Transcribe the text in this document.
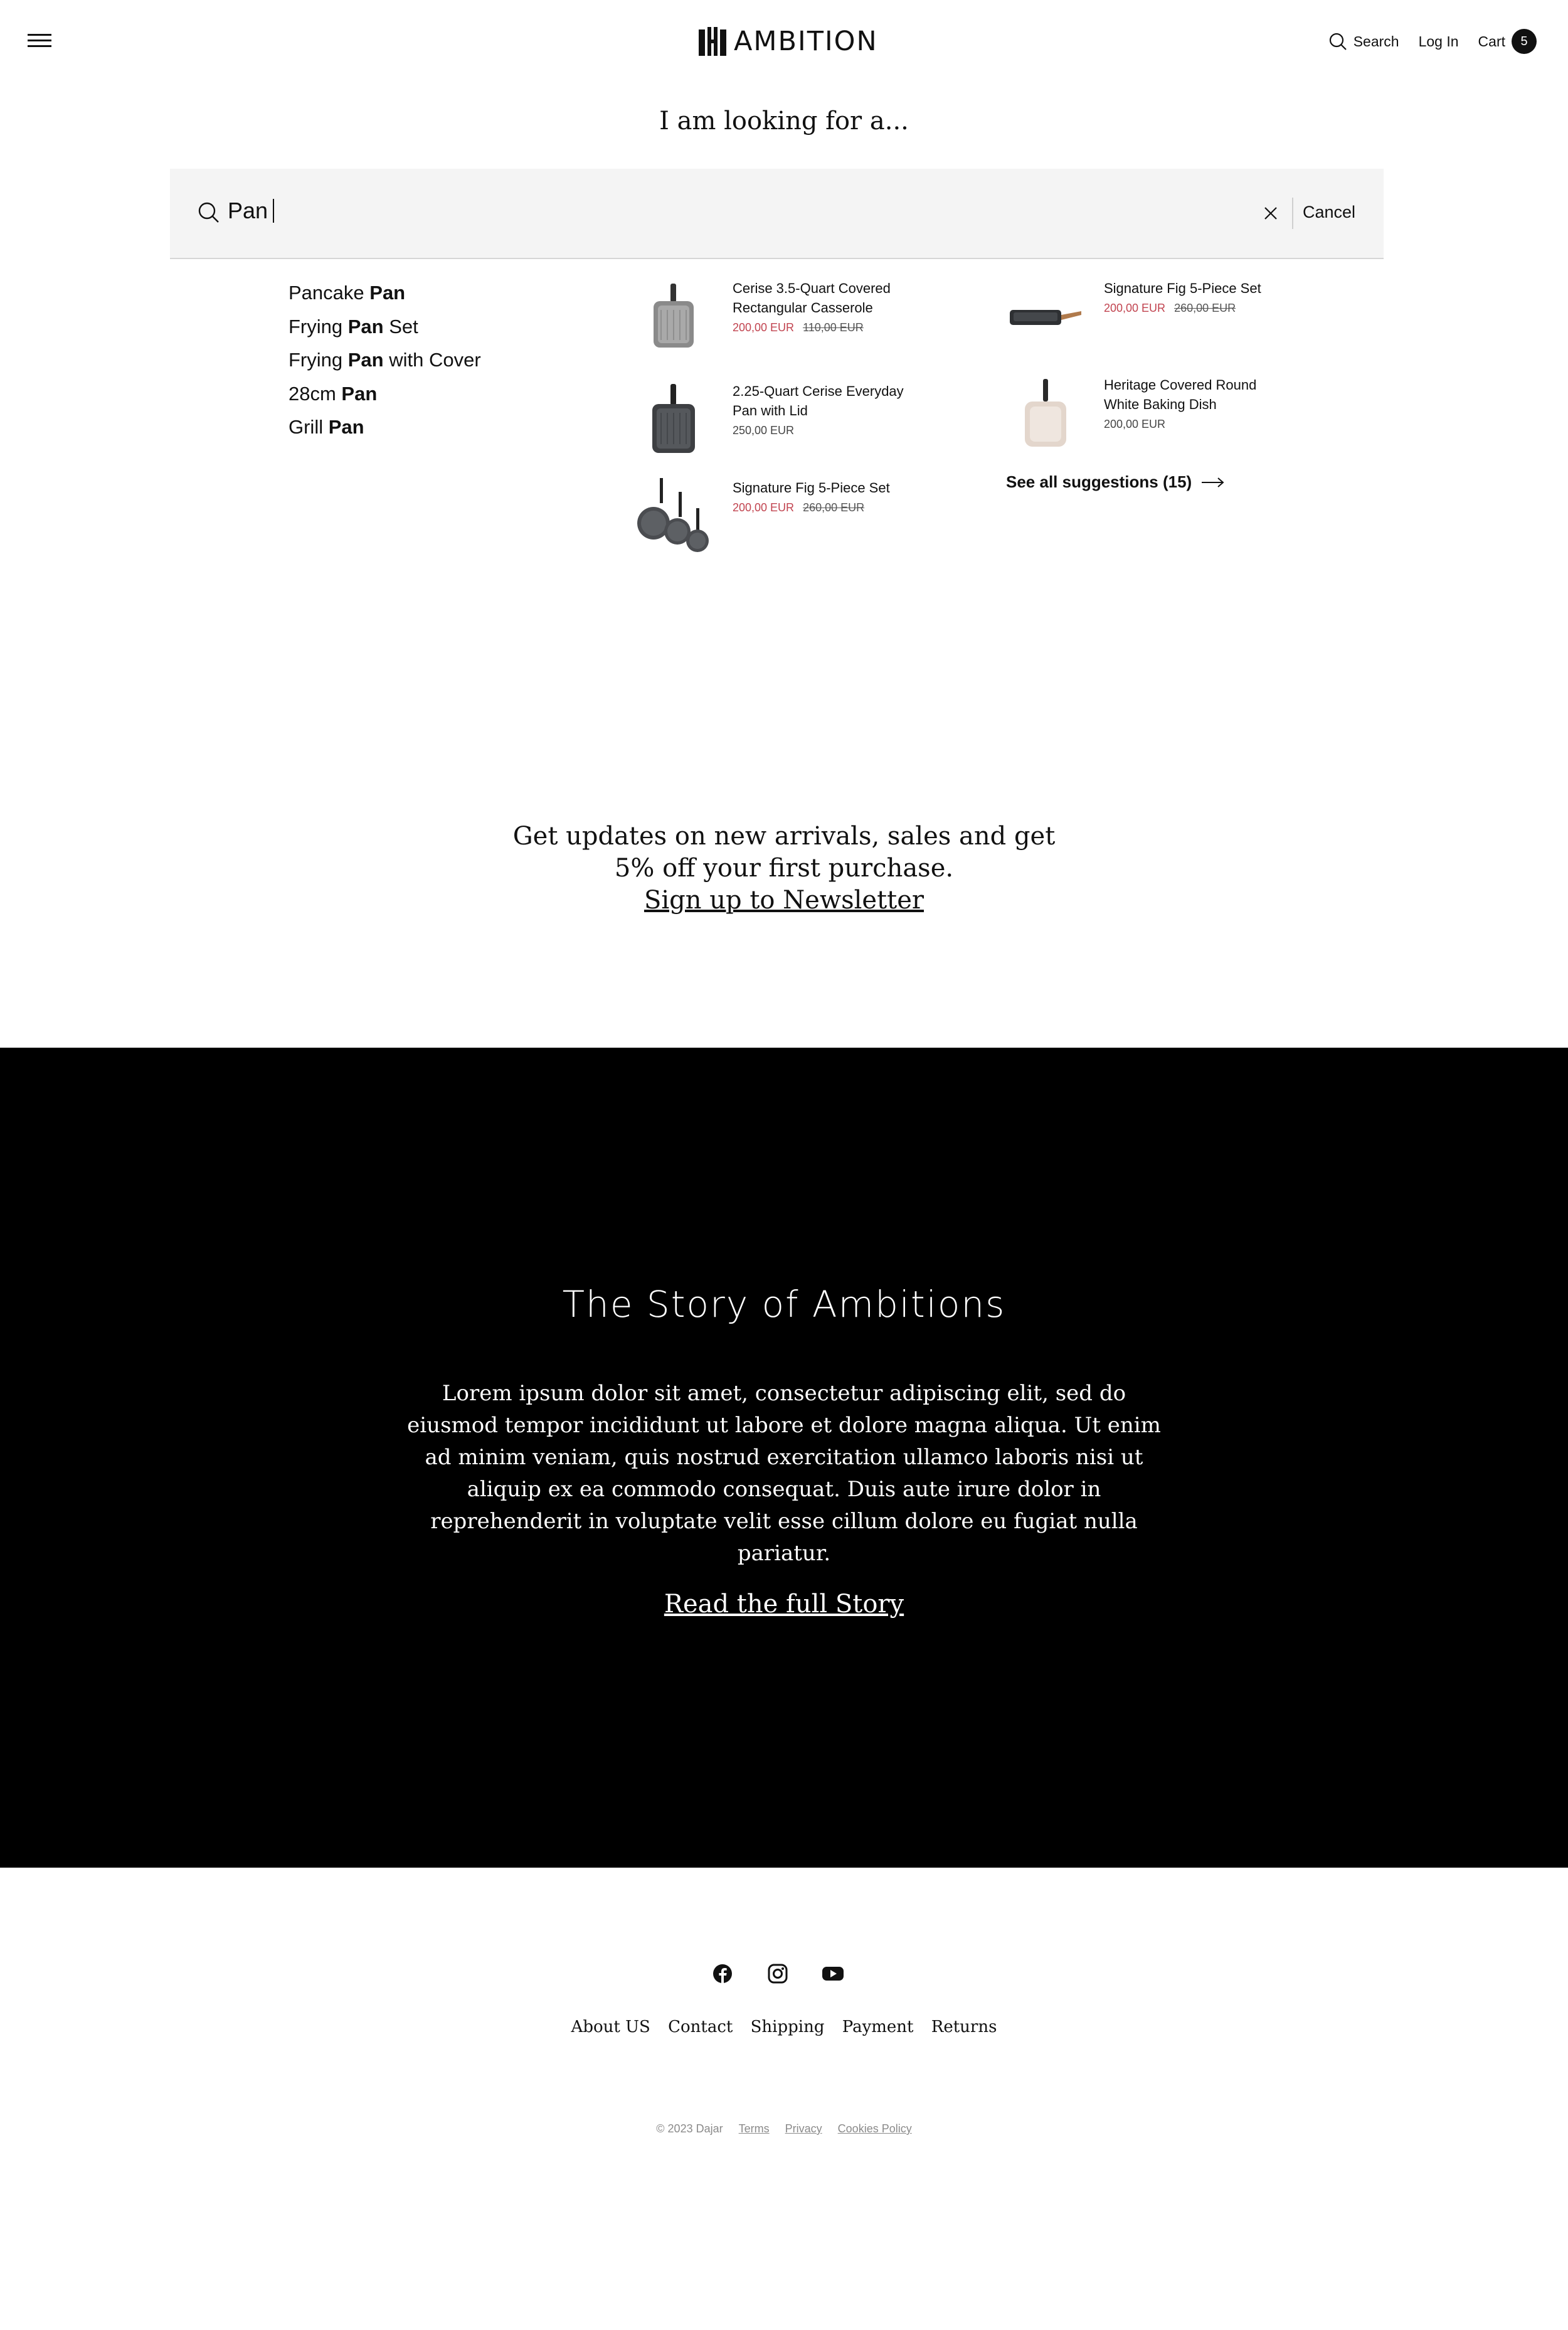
AMBITION	Search Log In Cart	5
I am looking for a...
Pan	Cancel
Pancake Pan
Frying Pan Set
Frying Pan with Cover
28cm Pan
Grill Pan
Cerise 3.5-Quart Covered Rectangular Casserole
200,00 EUR 110,00 EUR
2.25-Quart Cerise Everyday Pan with Lid
250,00 EUR
Signature Fig 5-Piece Set
200,00 EUR 260,00 EUR
Signature Fig 5-Piece Set
200,00 EUR 260,00 EUR
Heritage Covered Round White Baking Dish
200,00 EUR
See all suggestions (15)
Get updates on new arrivals, sales and get
5% off your first purchase.
Sign up to Newsletter
The Story of Ambitions
Lorem ipsum dolor sit amet, consectetur adipiscing elit, sed do eiusmod tempor incididunt ut labore et dolore magna aliqua. Ut enim ad minim veniam, quis nostrud exercitation ullamco laboris nisi ut aliquip ex ea commodo consequat. Duis aute irure dolor in reprehenderit in voluptate velit esse cillum dolore eu fugiat nulla pariatur.
Read the full Story
About US Contact Shipping Payment Returns
© 2023 Dajar Terms Privacy Cookies Policy
